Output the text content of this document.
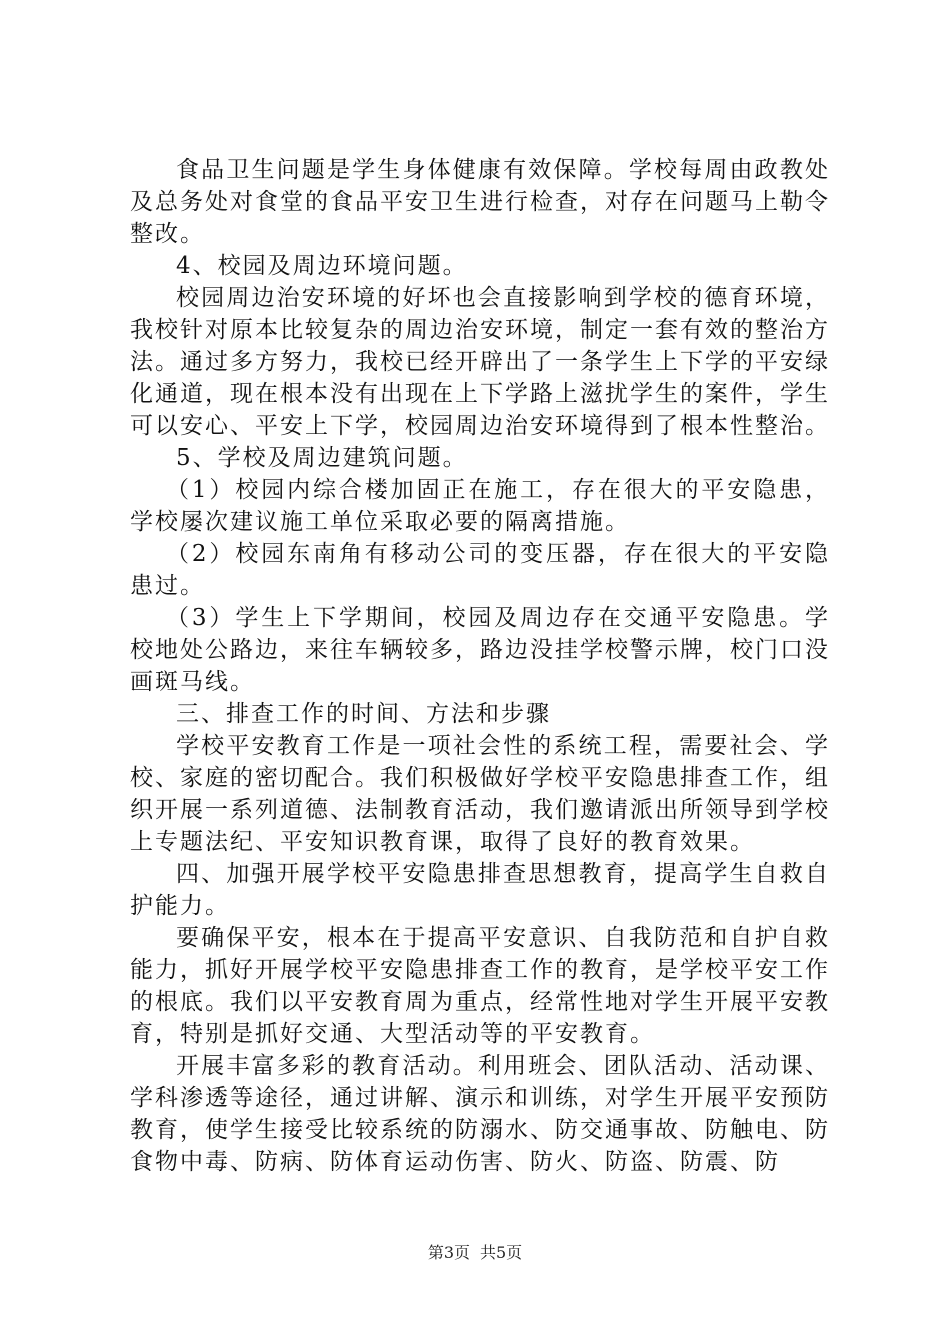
食品卫生问题是学生身体健康有效保障。学校每周由政教处及总务处对食堂的食品平安卫生进行检查，对存在问题马上勒令整改。

4、校园及周边环境问题。

校园周边治安环境的好坏也会直接影响到学校的德育环境，我校针对原本比较复杂的周边治安环境，制定一套有效的整治方法。通过多方努力，我校已经开辟出了一条学生上下学的平安绿化通道，现在根本没有出现在上下学路上滋扰学生的案件，学生可以安心、平安上下学，校园周边治安环境得到了根本性整治。

5、学校及周边建筑问题。

（1）校园内综合楼加固正在施工，存在很大的平安隐患，学校屡次建议施工单位采取必要的隔离措施。

（2）校园东南角有移动公司的变压器，存在很大的平安隐患过。

（3）学生上下学期间，校园及周边存在交通平安隐患。学校地处公路边，来往车辆较多，路边没挂学校警示牌，校门口没画斑马线。

三、排查工作的时间、方法和步骤

学校平安教育工作是一项社会性的系统工程，需要社会、学校、家庭的密切配合。我们积极做好学校平安隐患排查工作，组织开展一系列道德、法制教育活动，我们邀请派出所领导到学校上专题法纪、平安知识教育课，取得了良好的教育效果。

四、加强开展学校平安隐患排查思想教育，提高学生自救自护能力。

要确保平安，根本在于提高平安意识、自我防范和自护自救能力，抓好开展学校平安隐患排查工作的教育，是学校平安工作的根底。我们以平安教育周为重点，经常性地对学生开展平安教育，特别是抓好交通、大型活动等的平安教育。

开展丰富多彩的教育活动。利用班会、团队活动、活动课、学科渗透等途径，通过讲解、演示和训练，对学生开展平安预防教育，使学生接受比较系统的防溺水、防交通事故、防触电、防食物中毒、防病、防体育运动伤害、防火、防盗、防震、防

第3页 共5页
